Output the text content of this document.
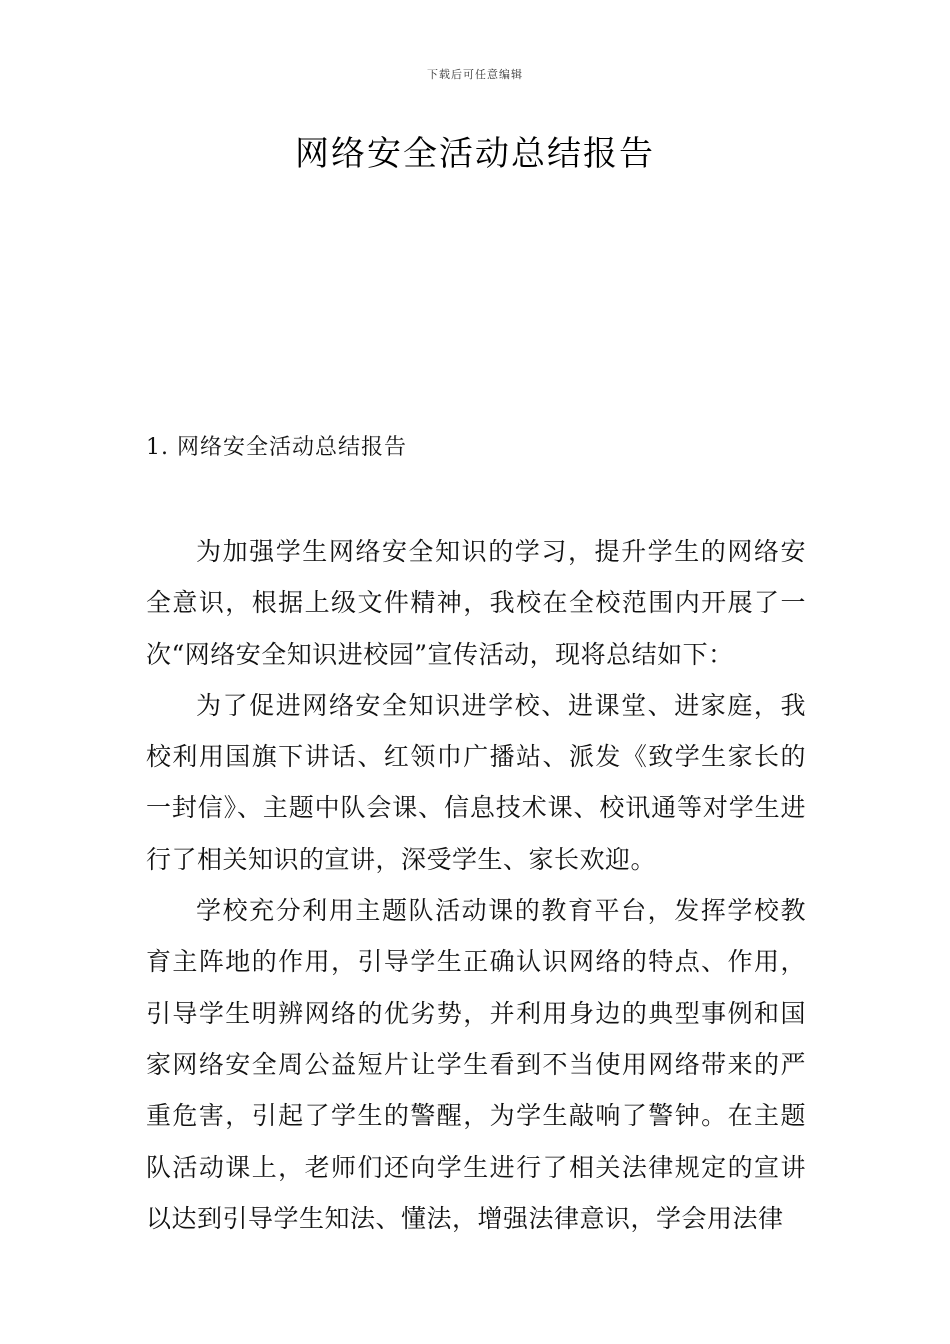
下载后可任意编辑
网络安全活动总结报告
1. 网络安全活动总结报告

为加强学生网络安全知识的学习，提升学生的网络安全意识，根据上级文件精神，我校在全校范围内开展了一次“网络安全知识进校园”宣传活动，现将总结如下：

为了促进网络安全知识进学校、进课堂、进家庭，我校利用国旗下讲话、红领巾广播站、派发《致学生家长的一封信》、主题中队会课、信息技术课、校讯通等对学生进行了相关知识的宣讲，深受学生、家长欢迎。

学校充分利用主题队活动课的教育平台，发挥学校教育主阵地的作用，引导学生正确认识网络的特点、作用，引导学生明辨网络的优劣势，并利用身边的典型事例和国家网络安全周公益短片让学生看到不当使用网络带来的严重危害，引起了学生的警醒，为学生敲响了警钟。在主题队活动课上，老师们还向学生进行了相关法律规定的宣讲以达到引导学生知法、懂法，增强法律意识，学会用法律
